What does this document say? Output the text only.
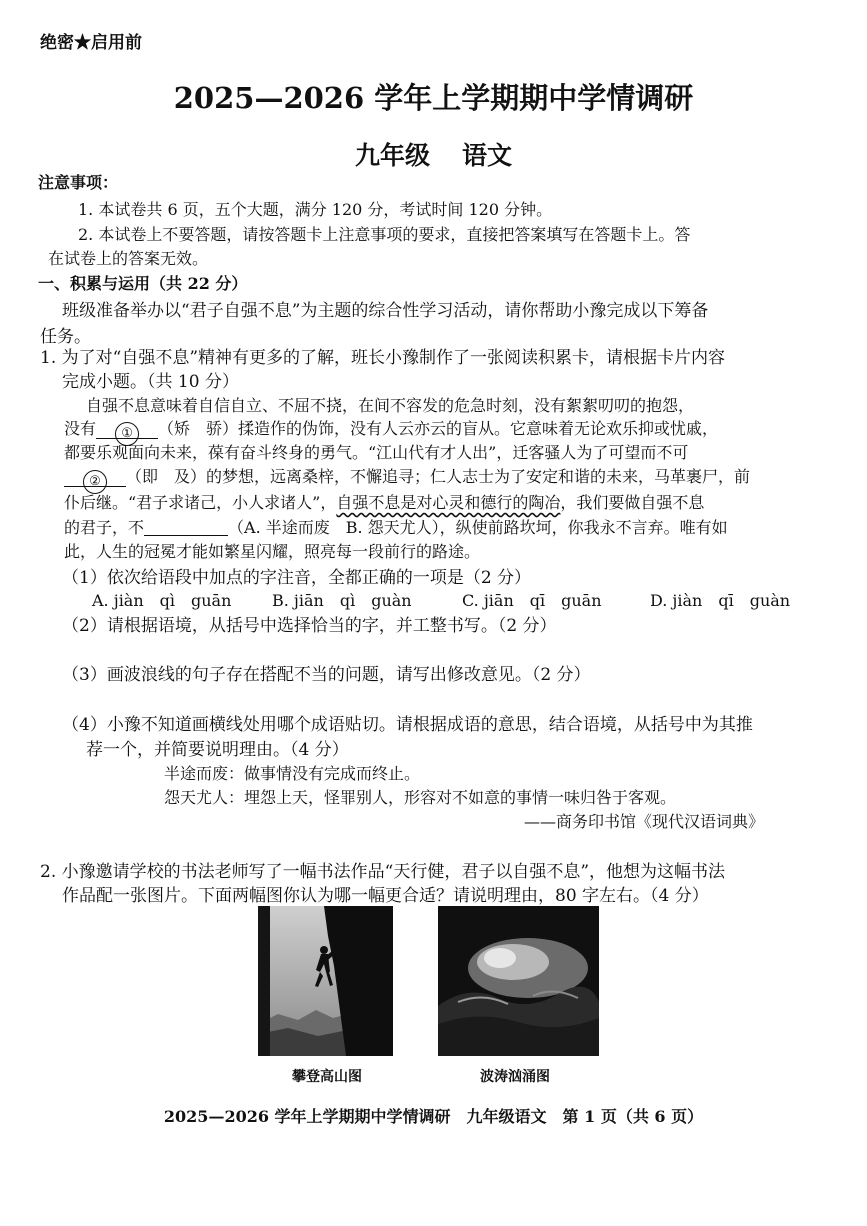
绝密★启用前
2025—2026 学年上学期期中学情调研
九年级 语文
注意事项：
1. 本试卷共 6 页，五个大题，满分 120 分，考试时间 120 分钟。
2. 本试卷上不要答题，请按答题卡上注意事项的要求，直接把答案填写在答题卡上。答
在试卷上的答案无效。
一、积累与运用（共 22 分）
班级准备举办以“君子自强不息”为主题的综合性学习活动，请你帮助小豫完成以下筹备
任务。
1. 为了对“自强不息”精神有更多的了解，班长小豫制作了一张阅读积累卡，请根据卡片内容
完成小题。（共 10 分）
自强不息意味着自信自立、不屈不挠，在间不容发的危急时刻，没有絮絮叨叨的抱怨，
没有 ① （矫　骄）揉造作的伪饰，没有人云亦云的盲从。它意味着无论欢乐抑或忧戚，
都要乐观面向未来，葆有奋斗终身的勇气。“江山代有才人出”，迁客骚人为了可望而不可
② （即　及）的梦想，远离桑梓，不懈追寻；仁人志士为了安定和谐的未来，马革裹尸，前
仆后继。“君子求诸己，小人求诸人”，自强不息是对心灵和德行的陶冶，我们要做自强不息
的君子，不	（A. 半途而废　B. 怨天尤人），纵使前路坎坷，你我永不言弃。唯有如
此，人生的冠冕才能如繁星闪耀，照亮每一段前行的路途。
（1）依次给语段中加点的字注音，全都正确的一项是（2 分）
A. jiàn　qì　guān	B. jiān　qì　guàn	C. jiān　qī　guān	D. jiàn　qī　guàn
（2）请根据语境，从括号中选择恰当的字，并工整书写。（2 分）
（3）画波浪线的句子存在搭配不当的问题，请写出修改意见。（2 分）
（4）小豫不知道画横线处用哪个成语贴切。请根据成语的意思，结合语境，从括号中为其推
荐一个，并简要说明理由。（4 分）
半途而废：做事情没有完成而终止。
怨天尤人：埋怨上天，怪罪别人，形容对不如意的事情一味归咎于客观。
——商务印书馆《现代汉语词典》
2. 小豫邀请学校的书法老师写了一幅书法作品“天行健，君子以自强不息”，他想为这幅书法
作品配一张图片。下面两幅图你认为哪一幅更合适？请说明理由，80 字左右。（4 分）
攀登高山图	波涛汹涌图
2025—2026 学年上学期期中学情调研　九年级语文　第 1 页（共 6 页）
